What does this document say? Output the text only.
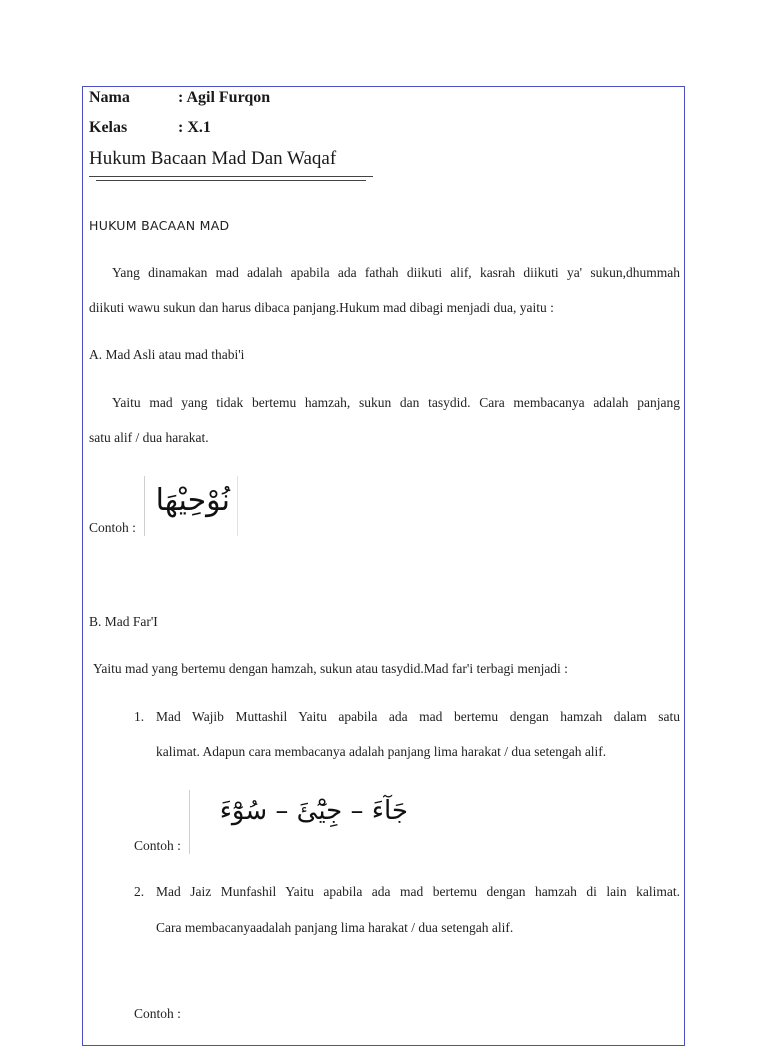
Nama	: Agil Furqon
Kelas	: X.1
Hukum Bacaan Mad Dan Waqaf
HUKUM BACAAN MAD
Yang dinamakan mad adalah apabila ada fathah diikuti alif, kasrah diikuti ya' sukun,dhummah
diikuti wawu sukun dan harus dibaca panjang.Hukum mad dibagi menjadi dua, yaitu :
A. Mad Asli atau mad thabi'i
Yaitu mad yang tidak bertemu hamzah, sukun dan tasydid. Cara membacanya adalah panjang
satu alif / dua harakat.
Contoh :
نُوْحِيْهَا
B. Mad Far'I
Yaitu mad yang bertemu dengan hamzah, sukun atau tasydid.Mad far'i terbagi menjadi :
1. Mad Wajib Muttashil Yaitu apabila ada mad bertemu dengan hamzah dalam satu
kalimat. Adapun cara membacanya adalah panjang lima harakat / dua setengah alif.
Contoh :
جَآءَ – جِيْٓئَ – سُوْٓءَ
2. Mad Jaiz Munfashil Yaitu apabila ada mad bertemu dengan hamzah di lain kalimat.
Cara membacanyaadalah panjang lima harakat / dua setengah alif.
Contoh :
